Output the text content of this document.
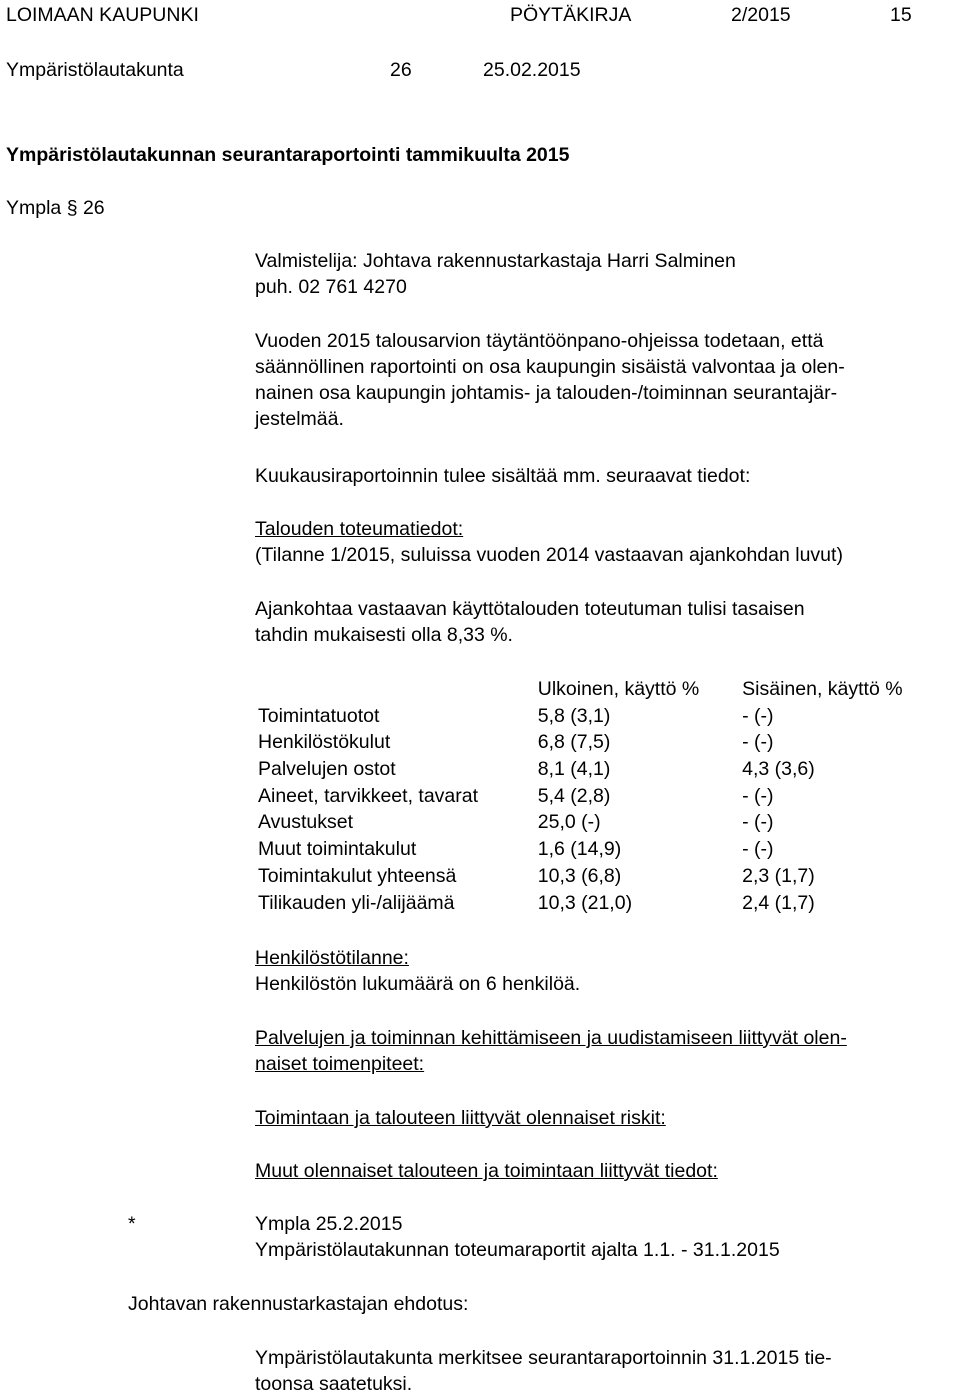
LOIMAAN KAUPUNKI	PÖYTÄKIRJA	2/2015	15
Ympäristölautakunta	26	25.02.2015
Ympäristölautakunnan seurantaraportointi tammikuulta 2015
Ympla § 26
Valmistelija: Johtava rakennustarkastaja Harri Salminen
puh. 02 761 4270
Vuoden 2015 talousarvion täytäntöönpano-ohjeissa todetaan, että
säännöllinen raportointi on osa kaupungin sisäistä valvontaa ja olen-
nainen osa kaupungin johtamis- ja talouden-/toiminnan seurantajär-
jestelmää.
Kuukausiraportoinnin tulee sisältää mm. seuraavat tiedot:
Talouden toteumatiedot:
(Tilanne 1/2015, suluissa vuoden 2014 vastaavan ajankohdan luvut)
Ajankohtaa vastaavan käyttötalouden toteutuman tulisi tasaisen
tahdin mukaisesti olla 8,33 %.
	Ulkoinen, käyttö %	Sisäinen, käyttö %
Toimintatuotot	5,8 (3,1)	- (-)
Henkilöstökulut	6,8 (7,5)	- (-)
Palvelujen ostot	8,1 (4,1)	4,3 (3,6)
Aineet, tarvikkeet, tavarat	5,4 (2,8)	- (-)
Avustukset	25,0 (-)	- (-)
Muut toimintakulut	1,6 (14,9)	- (-)
Toimintakulut yhteensä	10,3 (6,8)	2,3 (1,7)
Tilikauden yli-/alijäämä	10,3 (21,0)	2,4 (1,7)
Henkilöstötilanne:
Henkilöstön lukumäärä on 6 henkilöä.
Palvelujen ja toiminnan kehittämiseen ja uudistamiseen liittyvät olen-
naiset toimenpiteet:
Toimintaan ja talouteen liittyvät olennaiset riskit:
Muut olennaiset talouteen ja toimintaan liittyvät tiedot:
*	Ympla 25.2.2015
Ympäristölautakunnan toteumaraportit ajalta 1.1. - 31.1.2015
Johtavan rakennustarkastajan ehdotus:
Ympäristölautakunta merkitsee seurantaraportoinnin 31.1.2015 tie-
toonsa saatetuksi.
